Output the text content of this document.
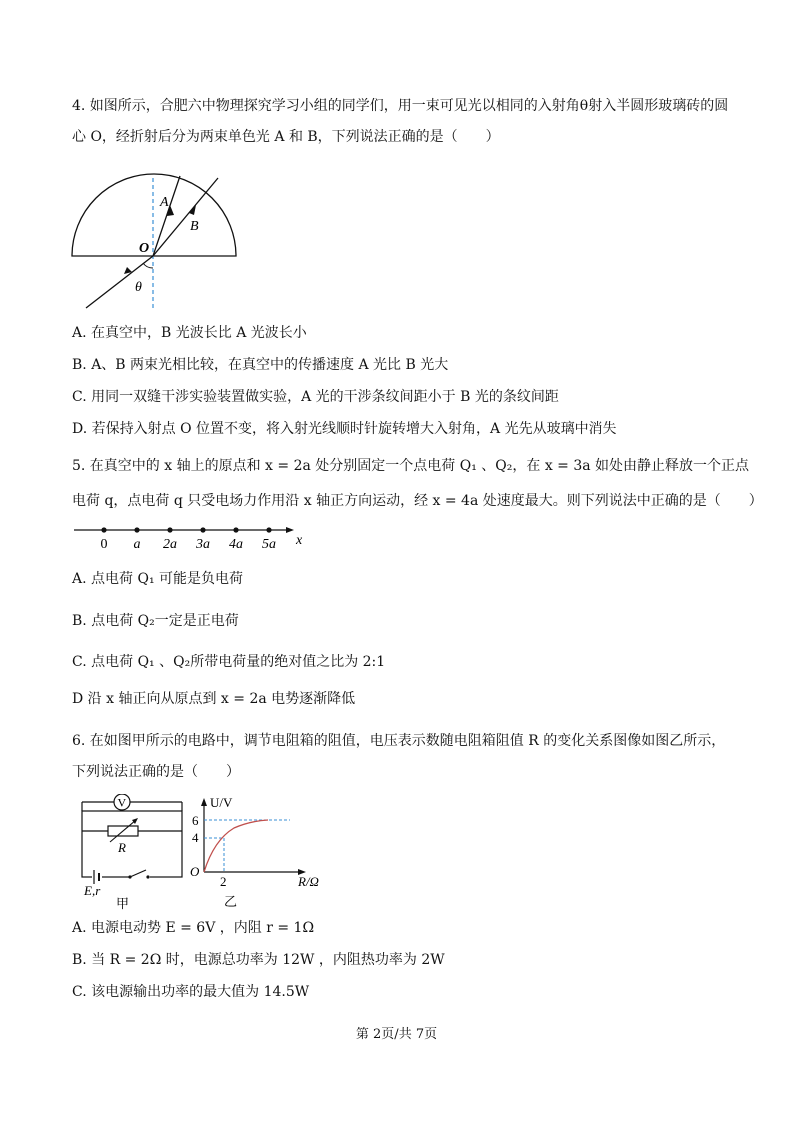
4. 如图所示，合肥六中物理探究学习小组的同学们，用一束可见光以相同的入射角θ射入半圆形玻璃砖的圆
心 O，经折射后分为两束单色光 A 和 B，下列说法正确的是（　　）
A
B
O
θ
A. 在真空中，B 光波长比 A 光波长小
B. A、B 两束光相比较，在真空中的传播速度 A 光比 B 光大
C. 用同一双缝干涉实验装置做实验，A 光的干涉条纹间距小于 B 光的条纹间距
D. 若保持入射点 O 位置不变，将入射光线顺时针旋转增大入射角，A 光先从玻璃中消失
5. 在真空中的 x 轴上的原点和 x = 2a 处分别固定一个点电荷 Q₁ 、Q₂，在 x = 3a 如处由静止释放一个正点
电荷 q，点电荷 q 只受电场力作用沿 x 轴正方向运动，经 x = 4a 处速度最大。则下列说法中正确的是（　　）
0 a 2a 3a 4a 5a x
A. 点电荷 Q₁ 可能是负电荷
B. 点电荷 Q₂一定是正电荷
C. 点电荷 Q₁ 、Q₂所带电荷量的绝对值之比为 2:1
D 沿 x 轴正向从原点到 x = 2a 电势逐渐降低
6. 在如图甲所示的电路中，调节电阻箱的阻值，电压表示数随电阻箱阻值 R 的变化关系图像如图乙所示，
下列说法正确的是（　　）
V
R
E,r
甲
U/V
6
4
O
2	R/Ω
乙
A. 电源电动势 E = 6V ，内阻 r = 1Ω
B. 当 R = 2Ω 时，电源总功率为 12W ，内阻热功率为 2W
C. 该电源输出功率的最大值为 14.5W
第 2页/共 7页
